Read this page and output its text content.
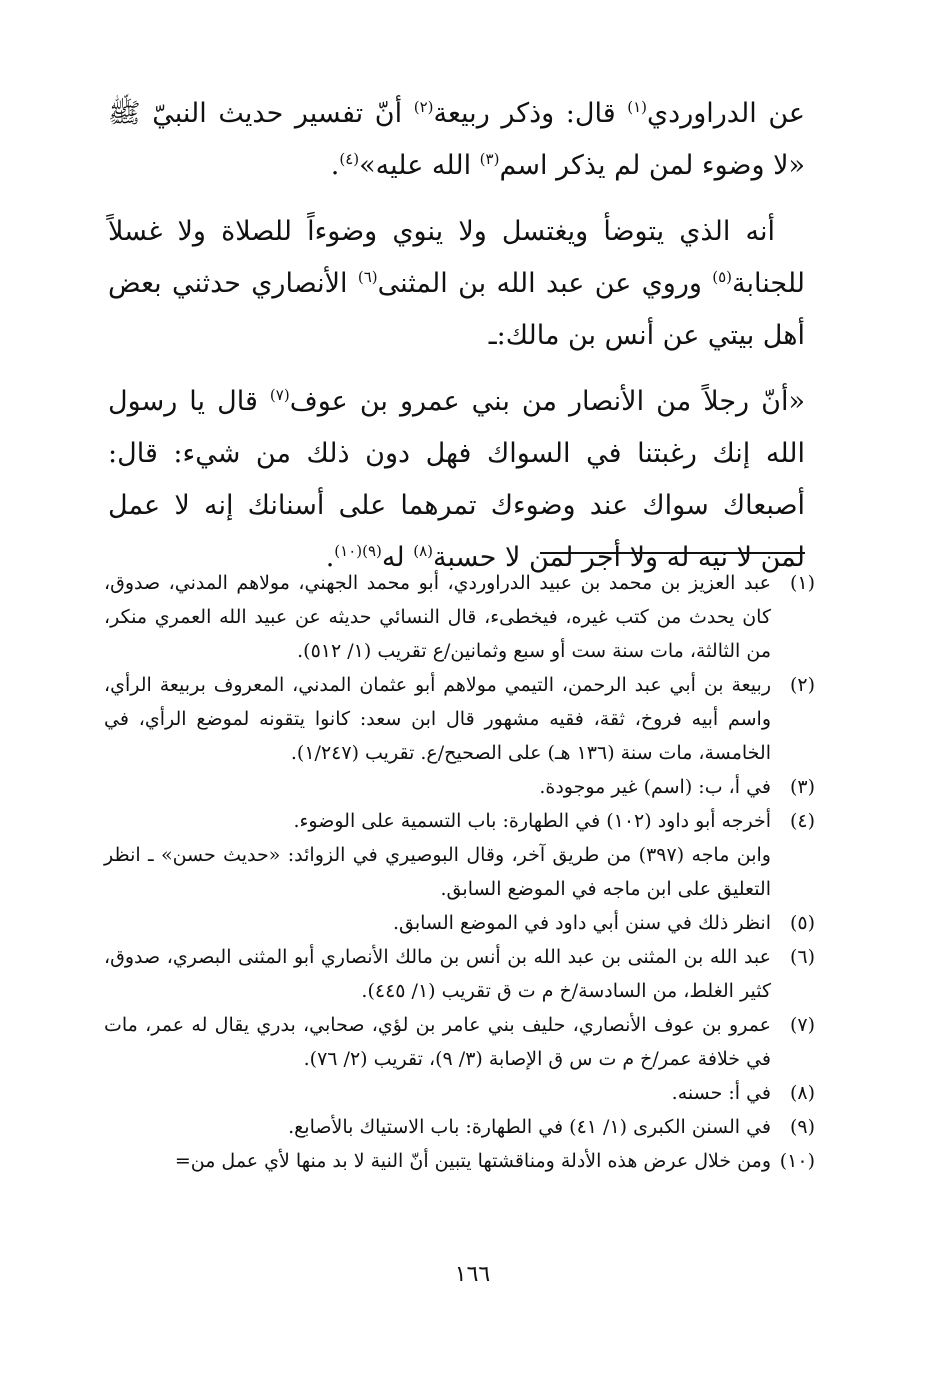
عن الدراوردي$^{(١)}$ قال: وذكر ربيعة$^{(٢)}$ أنّ تفسير حديث النبيّ ﷺ «لا وضوء لمن لم يذكر اسم$^{(٣)}$ الله عليه»$^{(٤)}$.

أنه الذي يتوضأ ويغتسل ولا ينوي وضوءاً للصلاة ولا غسلاً للجنابة$^{(٥)}$ وروي عن عبد الله بن المثنى$^{(٦)}$ الأنصاري حدثني بعض أهل بيتي عن أنس بن مالك:ـ

«أنّ رجلاً من الأنصار من بني عمرو بن عوف$^{(٧)}$ قال يا رسول الله إنك رغبتنا في السواك فهل دون ذلك من شيء: قال: أصبعاك سواك عند وضوءك تمرهما على أسنانك إنه لا عمل لمن لا نية له ولا أجر لمن لا حسبة$^{(٨)}$ له$^{(٩)(١٠)}$.

(١)
عبد العزيز بن محمد بن عبيد الدراوردي، أبو محمد الجهني، مولاهم المدني، صدوق، كان يحدث من كتب غيره، فيخطىء، قال النسائي حديثه عن عبيد الله العمري منكر، من الثالثة، مات سنة ست أو سبع وثمانين/ع تقريب (١/ ٥١٢).
(٢)
ربيعة بن أبي عبد الرحمن، التيمي مولاهم أبو عثمان المدني، المعروف بربيعة الرأي، واسم أبيه فروخ، ثقة، فقيه مشهور قال ابن سعد: كانوا يتقونه لموضع الرأي، في الخامسة، مات سنة (١٣٦ هـ) على الصحيح/ع. تقريب (١/٢٤٧).
(٣)
في أ، ب: (اسم) غير موجودة.
(٤)
أخرجه أبو داود (١٠٢) في الطهارة: باب التسمية على الوضوء.
وابن ماجه (٣٩٧) من طريق آخر، وقال البوصيري في الزوائد: «حديث حسن» ـ انظر التعليق على ابن ماجه في الموضع السابق.
(٥)
انظر ذلك في سنن أبي داود في الموضع السابق.
(٦)
عبد الله بن المثنى بن عبد الله بن أنس بن مالك الأنصاري أبو المثنى البصري، صدوق، كثير الغلط، من السادسة/خ م ت ق تقريب (١/ ٤٤٥).
(٧)
عمرو بن عوف الأنصاري، حليف بني عامر بن لؤي، صحابي، بدري يقال له عمر، مات في خلافة عمر/خ م ت س ق الإصابة (٣/ ٩)، تقريب (٢/ ٧٦).
(٨)
في أ: حسنه.
(٩)
في السنن الكبرى (١/ ٤١) في الطهارة: باب الاستياك بالأصابع.
(١٠)
ومن خلال عرض هذه الأدلة ومناقشتها يتبين أنّ النية لا بد منها لأي عمل من=
١٦٦
